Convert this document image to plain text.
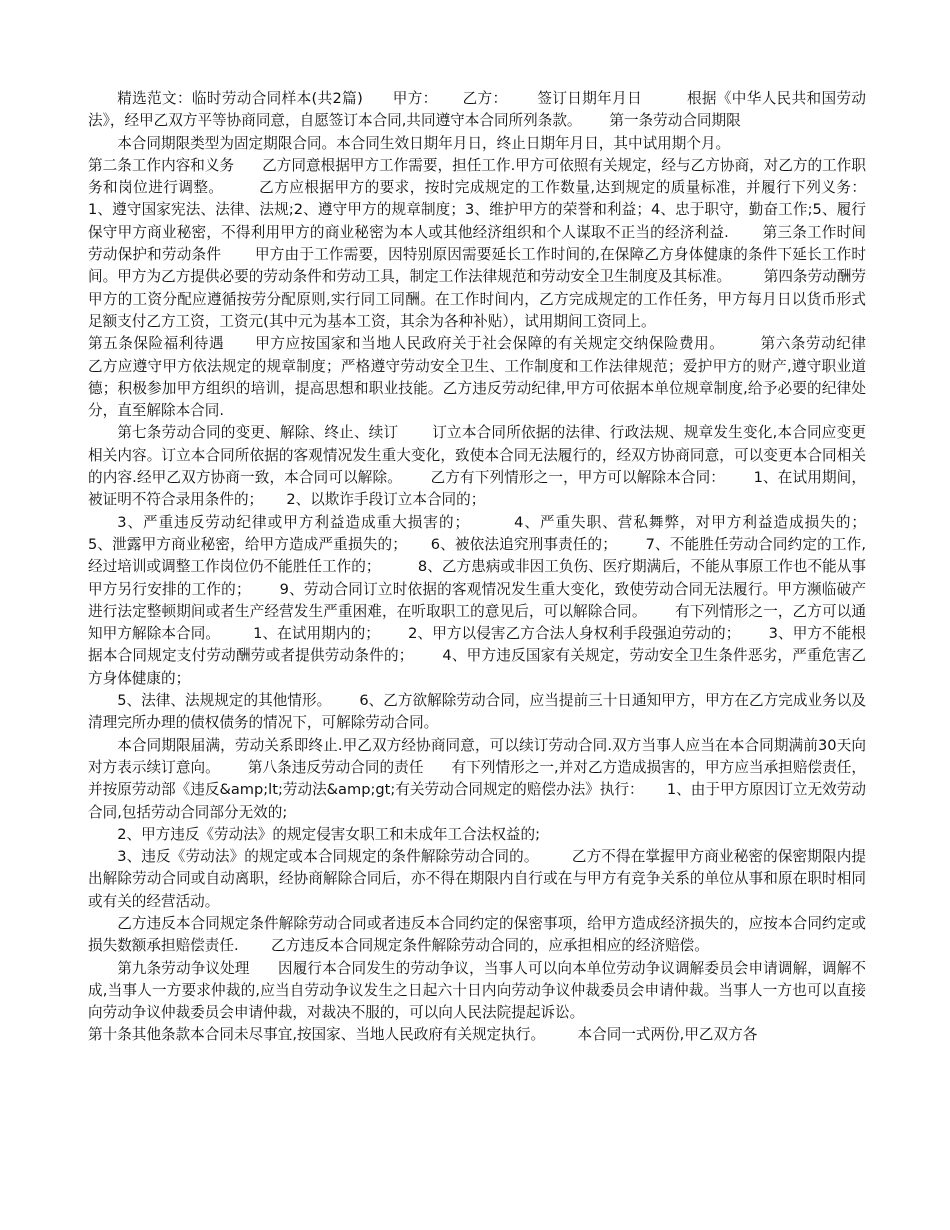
精选范文：临时劳动合同样本(共2篇)      甲方：     乙方：      签订日期年月日         根据《中华人民共和国劳动法》，经甲乙双方平等协商同意，自愿签订本合同,共同遵守本合同所列条款。      第一条劳动合同期限

本合同期限类型为固定期限合同。本合同生效日期年月日，终止日期年月日，其中试用期个月。

第二条工作内容和义务      乙方同意根据甲方工作需要，担任工作.甲方可依照有关规定，经与乙方协商，对乙方的工作职务和岗位进行调整。       乙方应根据甲方的要求，按时完成规定的工作数量,达到规定的质量标准，并履行下列义务：      1、遵守国家宪法、法律、法规;2、遵守甲方的规章制度；3、维护甲方的荣誉和利益；4、忠于职守，勤奋工作;5、履行保守甲方商业秘密，不得利用甲方的商业秘密为本人或其他经济组织和个人谋取不正当的经济利益.       第三条工作时间劳动保护和劳动条件       甲方由于工作需要，因特别原因需要延长工作时间的,在保障乙方身体健康的条件下延长工作时间。甲方为乙方提供必要的劳动条件和劳动工具，制定工作法律规范和劳动安全卫生制度及其标准。       第四条劳动酬劳       甲方的工资分配应遵循按劳分配原则,实行同工同酬。在工作时间内，乙方完成规定的工作任务，甲方每月日以货币形式足额支付乙方工资，工资元(其中元为基本工资，其余为各种补贴），试用期间工资同上。

第五条保险福利待遇      甲方应按国家和当地人民政府关于社会保障的有关规定交纳保险费用。       第六条劳动纪律       乙方应遵守甲方依法规定的规章制度；严格遵守劳动安全卫生、工作制度和工作法律规范；爱护甲方的财产,遵守职业道德；积极参加甲方组织的培训，提高思想和职业技能。乙方违反劳动纪律,甲方可依据本单位规章制度,给予必要的纪律处分，直至解除本合同.

第七条劳动合同的变更、解除、终止、续订       订立本合同所依据的法律、行政法规、规章发生变化,本合同应变更相关内容。订立本合同所依据的客观情况发生重大变化，致使本合同无法履行的，经双方协商同意，可以变更本合同相关的内容.经甲乙双方协商一致，本合同可以解除。      乙方有下列情形之一，甲方可以解除本合同：      1、在试用期间，被证明不符合录用条件的；     2、以欺诈手段订立本合同的；

3、严重违反劳动纪律或甲方利益造成重大损害的；        4、严重失职、营私舞弊，对甲方利益造成损失的；      5、泄露甲方商业秘密，给甲方造成严重损失的；     6、被依法追究刑事责任的；      7、不能胜任劳动合同约定的工作,经过培训或调整工作岗位仍不能胜任工作的；        8、乙方患病或非因工负伤、医疗期满后，不能从事原工作也不能从事甲方另行安排的工作的；      9、劳动合同订立时依据的客观情况发生重大变化，致使劳动合同无法履行。甲方濒临破产进行法定整顿期间或者生产经营发生严重困难，在听取职工的意见后，可以解除合同。      有下列情形之一，乙方可以通知甲方解除本合同。       1、在试用期内的；      2、甲方以侵害乙方合法人身权利手段强迫劳动的；      3、甲方不能根据本合同规定支付劳动酬劳或者提供劳动条件的；      4、甲方违反国家有关规定，劳动安全卫生条件恶劣，严重危害乙方身体健康的；

5、法律、法规规定的其他情形。      6、乙方欲解除劳动合同，应当提前三十日通知甲方，甲方在乙方完成业务以及清理完所办理的债权债务的情况下，可解除劳动合同。

本合同期限届满，劳动关系即终止.甲乙双方经协商同意，可以续订劳动合同.双方当事人应当在本合同期满前30天向对方表示续订意向。      第八条违反劳动合同的责任      有下列情形之一,并对乙方造成损害的，甲方应当承担赔偿责任，并按原劳动部《违反&amp;lt;劳动法&amp;gt;有关劳动合同规定的赔偿办法》执行：     1、由于甲方原因订立无效劳动合同,包括劳动合同部分无效的;

2、甲方违反《劳动法》的规定侵害女职工和未成年工合法权益的;

3、违反《劳动法》的规定或本合同规定的条件解除劳动合同的。       乙方不得在掌握甲方商业秘密的保密期限内提出解除劳动合同或自动离职，经协商解除合同后，亦不得在期限内自行或在与甲方有竞争关系的单位从事和原在职时相同或有关的经营活动。

乙方违反本合同规定条件解除劳动合同或者违反本合同约定的保密事项，给甲方造成经济损失的，应按本合同约定或损失数额承担赔偿责任.       乙方违反本合同规定条件解除劳动合同的，应承担相应的经济赔偿。

第九条劳动争议处理      因履行本合同发生的劳动争议，当事人可以向本单位劳动争议调解委员会申请调解，调解不成,当事人一方要求仲裁的,应当自劳动争议发生之日起六十日内向劳动争议仲裁委员会申请仲裁。当事人一方也可以直接向劳动争议仲裁委员会申请仲裁，对裁决不服的，可以向人民法院提起诉讼。

第十条其他条款本合同未尽事宜,按国家、当地人民政府有关规定执行。       本合同一式两份,甲乙双方各
